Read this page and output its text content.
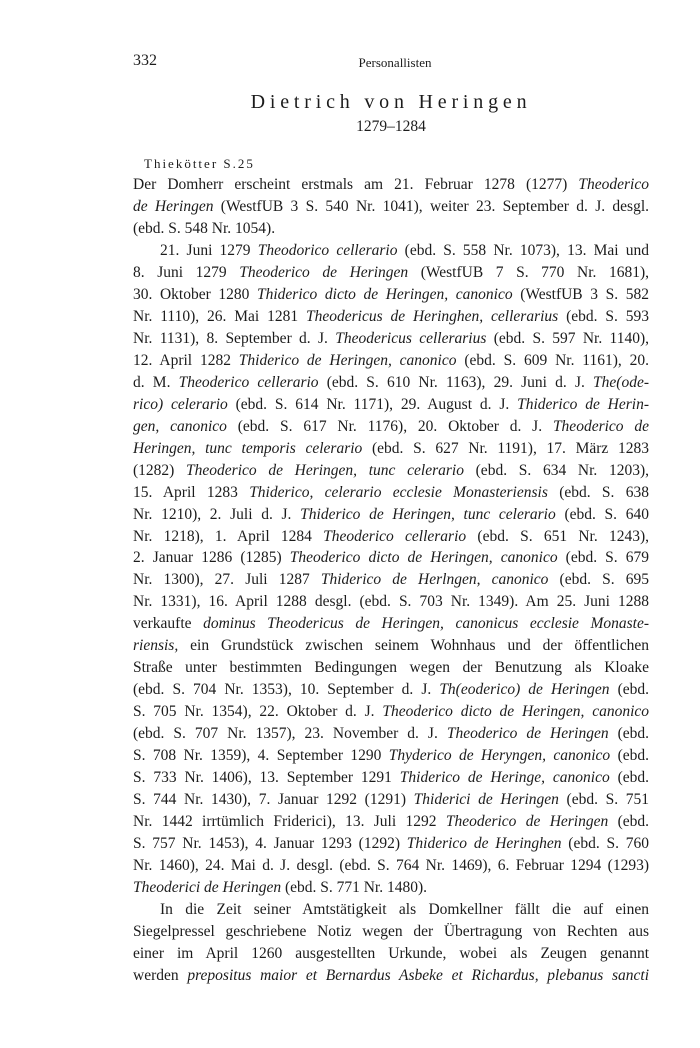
332	Personallisten
Dietrich von Heringen
1279–1284
Thiekötter S.25
Der Domherr erscheint erstmals am 21. Februar 1278 (1277) Theoderico
de Heringen (WestfUB 3 S. 540 Nr. 1041), weiter 23. September d. J. desgl.
(ebd. S. 548 Nr. 1054).
21. Juni 1279 Theodorico cellerario (ebd. S. 558 Nr. 1073), 13. Mai und
8. Juni 1279 Theoderico de Heringen (WestfUB 7 S. 770 Nr. 1681),
30. Oktober 1280 Thiderico dicto de Heringen, canonico (WestfUB 3 S. 582
Nr. 1110), 26. Mai 1281 Theodericus de Heringhen, cellerarius (ebd. S. 593
Nr. 1131), 8. September d. J. Theodericus cellerarius (ebd. S. 597 Nr. 1140),
12. April 1282 Thiderico de Heringen, canonico (ebd. S. 609 Nr. 1161), 20.
d. M. Theoderico cellerario (ebd. S. 610 Nr. 1163), 29. Juni d. J. The(ode-
rico) celerario (ebd. S. 614 Nr. 1171), 29. August d. J. Thiderico de Herin-
gen, canonico (ebd. S. 617 Nr. 1176), 20. Oktober d. J. Theoderico de
Heringen, tunc temporis celerario (ebd. S. 627 Nr. 1191), 17. März 1283
(1282) Theoderico de Heringen, tunc celerario (ebd. S. 634 Nr. 1203),
15. April 1283 Thiderico, celerario ecclesie Monasteriensis (ebd. S. 638
Nr. 1210), 2. Juli d. J. Thiderico de Heringen, tunc celerario (ebd. S. 640
Nr. 1218), 1. April 1284 Theoderico cellerario (ebd. S. 651 Nr. 1243),
2. Januar 1286 (1285) Theoderico dicto de Heringen, canonico (ebd. S. 679
Nr. 1300), 27. Juli 1287 Thiderico de Herlngen, canonico (ebd. S. 695
Nr. 1331), 16. April 1288 desgl. (ebd. S. 703 Nr. 1349). Am 25. Juni 1288
verkaufte dominus Theodericus de Heringen, canonicus ecclesie Monaste-
riensis, ein Grundstück zwischen seinem Wohnhaus und der öffentlichen
Straße unter bestimmten Bedingungen wegen der Benutzung als Kloake
(ebd. S. 704 Nr. 1353), 10. September d. J. Th(eoderico) de Heringen (ebd.
S. 705 Nr. 1354), 22. Oktober d. J. Theoderico dicto de Heringen, canonico
(ebd. S. 707 Nr. 1357), 23. November d. J. Theoderico de Heringen (ebd.
S. 708 Nr. 1359), 4. September 1290 Thyderico de Heryngen, canonico (ebd.
S. 733 Nr. 1406), 13. September 1291 Thiderico de Heringe, canonico (ebd.
S. 744 Nr. 1430), 7. Januar 1292 (1291) Thiderici de Heringen (ebd. S. 751
Nr. 1442 irrtümlich Friderici), 13. Juli 1292 Theoderico de Heringen (ebd.
S. 757 Nr. 1453), 4. Januar 1293 (1292) Thiderico de Heringhen (ebd. S. 760
Nr. 1460), 24. Mai d. J. desgl. (ebd. S. 764 Nr. 1469), 6. Februar 1294 (1293)
Theoderici de Heringen (ebd. S. 771 Nr. 1480).
In die Zeit seiner Amtstätigkeit als Domkellner fällt die auf einen
Siegelpressel geschriebene Notiz wegen der Übertragung von Rechten aus
einer im April 1260 ausgestellten Urkunde, wobei als Zeugen genannt
werden prepositus maior et Bernardus Asbeke et Richardus, plebanus sancti
